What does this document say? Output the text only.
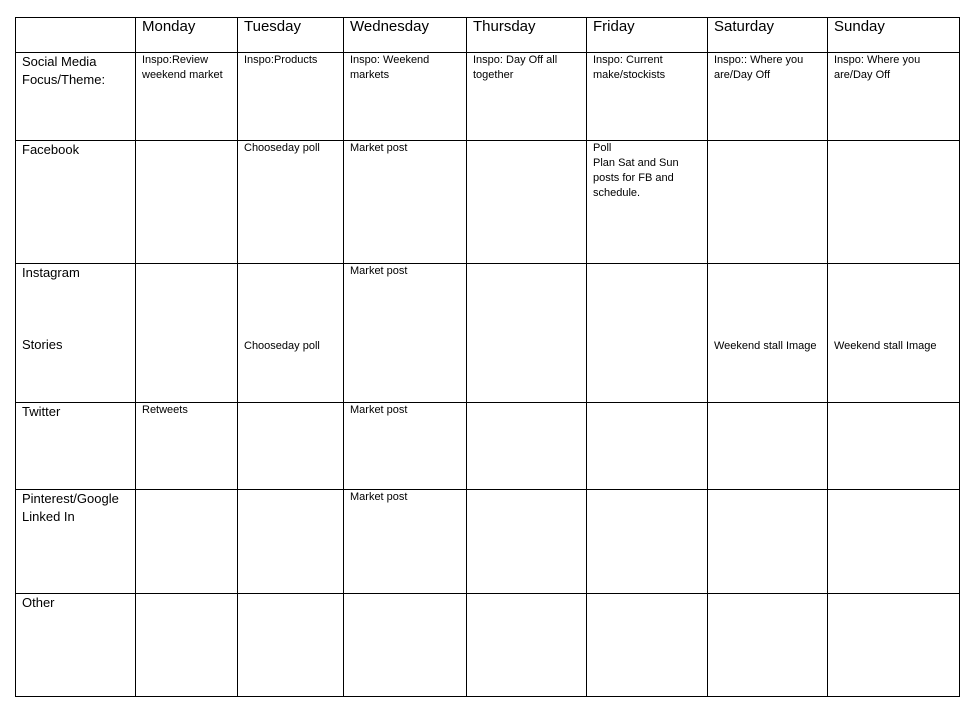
	Monday	Tuesday	Wednesday	Thursday	Friday	Saturday	Sunday

Social Media
Focus/Theme:	Inspo:Review weekend market	Inspo:Products	Inspo: Weekend markets	Inspo: Day Off all together	Inspo: Current make/stockists	Inspo:: Where you are/Day Off	Inspo: Where you are/Day Off
Facebook		Chooseday poll	Market post		Poll
Plan Sat and Sun posts for FB and schedule.		

Instagram
Stories		Chooseday poll	Market post			Weekend stall Image	Weekend stall Image

Twitter	Retweets		Market post				

Pinterest/Google
Linked In			Market post				
Other							
